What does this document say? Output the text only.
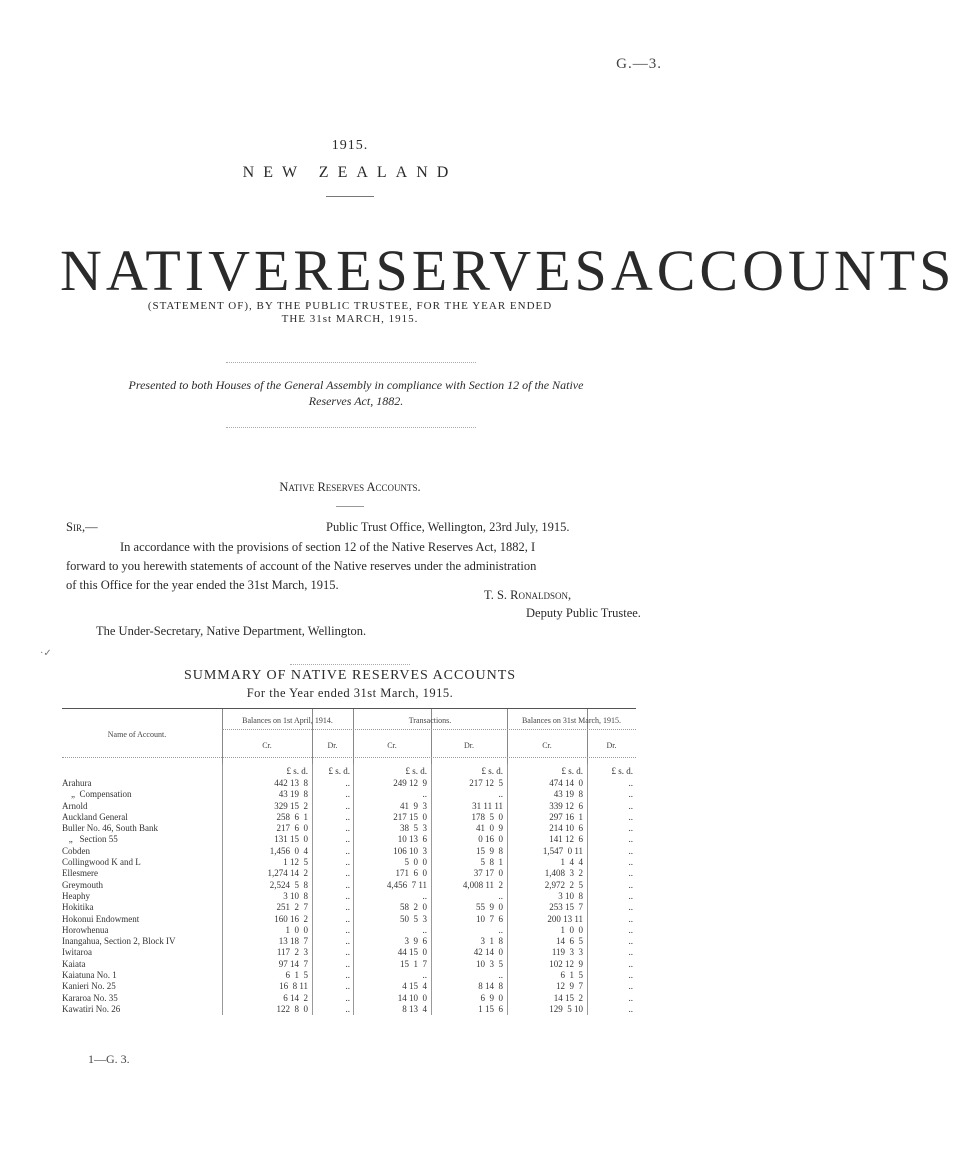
G.—3.
1915.
NEW ZEALAND
NATIVE RESERVES ACCOUNTS
(STATEMENT OF), BY THE PUBLIC TRUSTEE, FOR THE YEAR ENDED
THE 31st MARCH, 1915.
Presented to both Houses of the General Assembly in compliance with Section 12 of the Native
Reserves Act, 1882.
Native Reserves Accounts.
Sir,—	Public Trust Office, Wellington, 23rd July, 1915.
In accordance with the provisions of section 12 of the Native Reserves Act, 1882, I
forward to you herewith statements of account of the Native reserves under the administration
of this Office for the year ended the 31st March, 1915.
T. S. Ronaldson,
Deputy Public Trustee.
The Under-Secretary, Native Department, Wellington.
·✓
SUMMARY OF NATIVE RESERVES ACCOUNTS
For the Year ended 31st March, 1915.
Name of Account.
Balances on 1st April, 1914.	Transactions.	Balances on 31st March, 1915.
Cr.	Dr.	Cr.	Dr.	Cr.	Dr.
£ s. d.	£ s. d.	£ s. d.	£ s. d.	£ s. d.	£ s. d.
Arahura	442 13  8	..	249 12  9	217 12  5	474 14  0	..
„  Compensation	43 19  8	..	..	..	43 19  8	..
Arnold	329 15  2	..	41  9  3	31 11 11	339 12  6	..
Auckland General	258  6  1	..	217 15  0	178  5  0	297 16  1	..
Buller No. 46, South Bank	217  6  0	..	38  5  3	41  0  9	214 10  6	..
„   Section 55	131 15  0	..	10 13  6	0 16  0	141 12  6	..
Cobden	1,456  0  4	..	106 10  3	15  9  8	1,547  0 11	..
Collingwood K and L	1 12  5	..	5  0  0	5  8  1	1  4  4	..
Ellesmere	1,274 14  2	..	171  6  0	37 17  0	1,408  3  2	..
Greymouth	2,524  5  8	..	4,456  7 11	4,008 11  2	2,972  2  5	..
Heaphy	3 10  8	..	..	..	3 10  8	..
Hokitika	251  2  7	..	58  2  0	55  9  0	253 15  7	..
Hokonui Endowment	160 16  2	..	50  5  3	10  7  6	200 13 11	..
Horowhenua	1  0  0	..	..	..	1  0  0	..
Inangahua, Section 2, Block IV	13 18  7	..	3  9  6	3  1  8	14  6  5	..
Iwitaroa	117  2  3	..	44 15  0	42 14  0	119  3  3	..
Kaiata	97 14  7	..	15  1  7	10  3  5	102 12  9	..
Kaiatuna No. 1	6  1  5	..	..	..	6  1  5	..
Kanieri No. 25	16  8 11	..	4 15  4	8 14  8	12  9  7	..
Kararoa No. 35	6 14  2	..	14 10  0	6  9  0	14 15  2	..
Kawatiri No. 26	122  8  0	..	8 13  4	1 15  6	129  5 10	..
1—G. 3.
